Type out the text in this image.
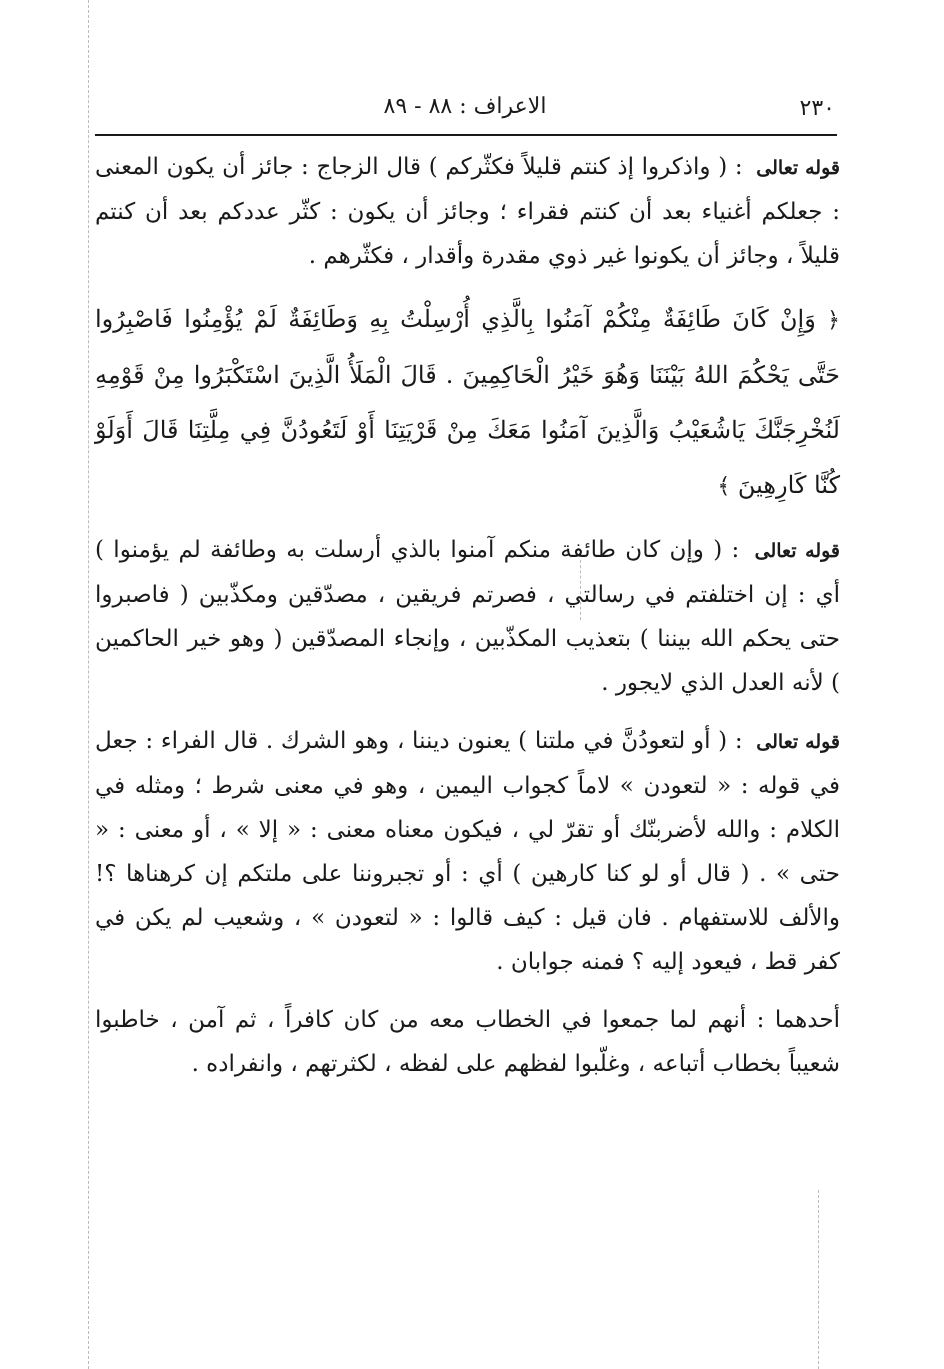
٢٣٠
الاعراف : ٨٨ - ٨٩

قوله تعالى : ( واذكروا إذ كنتم قليلاً فكثّركم ) قال الزجاج : جائز أن يكون المعنى : جعلكم أغنياء بعد أن كنتم فقراء ؛ وجائز أن يكون : كثّر عددكم بعد أن كنتم قليلاً ، وجائز أن يكونوا غير ذوي مقدرة وأقدار ، فكثّرهم .

﴿ وَإِنْ كَانَ طَائِفَةٌ مِنْكُمْ آمَنُوا بِالَّذِي أُرْسِلْتُ بِهِ وَطَائِفَةٌ لَمْ يُؤْمِنُوا فَاصْبِرُوا حَتَّى يَحْكُمَ اللهُ بَيْنَنَا وَهُوَ خَيْرُ الْحَاكِمِينَ . قَالَ الْمَلَأُ الَّذِينَ اسْتَكْبَرُوا مِنْ قَوْمِهِ لَنُخْرِجَنَّكَ يَاشُعَيْبُ وَالَّذِينَ آمَنُوا مَعَكَ مِنْ قَرْيَتِنَا أَوْ لَتَعُودُنَّ فِي مِلَّتِنَا قَالَ أَوَلَوْ كُنَّا كَارِهِينَ ﴾

قوله تعالى : ( وإن كان طائفة منكم آمنوا بالذي أرسلت به وطائفة لم يؤمنوا ) أي : إن اختلفتم في رسالتي ، فصرتم فريقين ، مصدّقين ومكذّبين ( فاصبروا حتى يحكم الله بيننا ) بتعذيب المكذّبين ، وإنجاء المصدّقين ( وهو خير الحاكمين ) لأنه العدل الذي لايجور .

قوله تعالى : ( أو لتعودُنَّ في ملتنا ) يعنون ديننا ، وهو الشرك . قال الفراء : جعل في قوله : « لتعودن » لاماً كجواب اليمين ، وهو في معنى شرط ؛ ومثله في الكلام : والله لأضربنّك أو تقرّ لي ، فيكون معناه معنى : « إلا » ، أو معنى : « حتى » . ( قال أو لو كنا كارهين ) أي : أو تجبروننا على ملتكم إن كرهناها ؟! والألف للاستفهام . فان قيل : كيف قالوا : « لتعودن » ، وشعيب لم يكن في كفر قط ، فيعود إليه ؟ فمنه جوابان .

أحدهما : أنهم لما جمعوا في الخطاب معه من كان كافراً ، ثم آمن ، خاطبوا شعيباً بخطاب أتباعه ، وغلّبوا لفظهم على لفظه ، لكثرتهم ، وانفراده .
